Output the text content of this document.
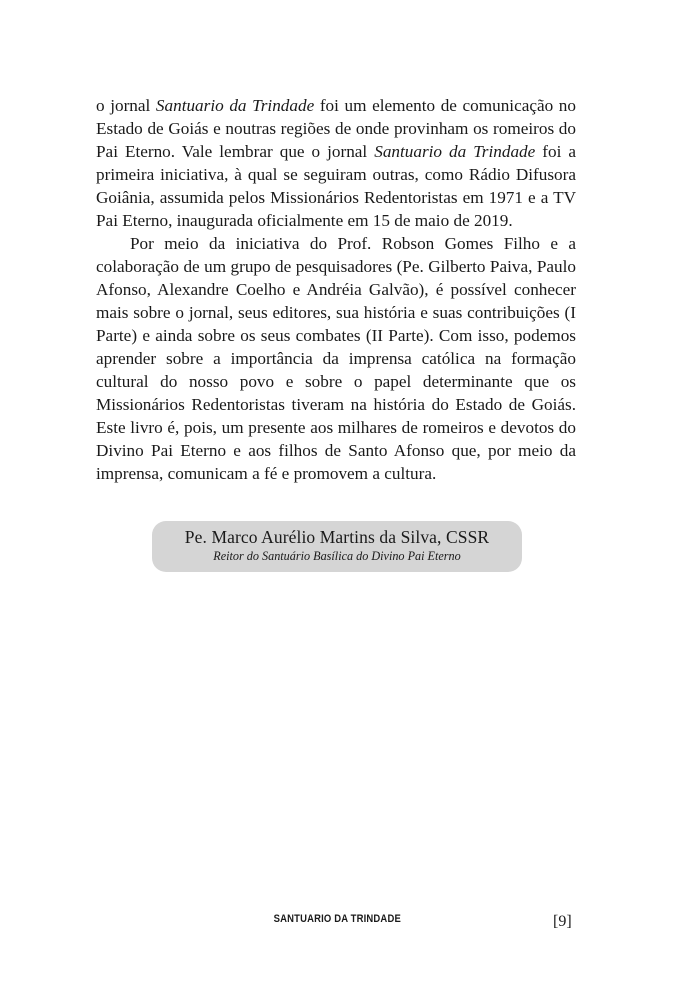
o jornal Santuario da Trindade foi um elemento de comunicação no Estado de Goiás e noutras regiões de onde provinham os romeiros do Pai Eterno. Vale lembrar que o jornal Santuario da Trindade foi a primeira iniciativa, à qual se seguiram outras, como Rádio Difusora Goiânia, assumida pelos Missionários Redentoristas em 1971 e a TV Pai Eterno, inaugurada oficialmente em 15 de maio de 2019.

Por meio da iniciativa do Prof. Robson Gomes Filho e a colaboração de um grupo de pesquisadores (Pe. Gilberto Paiva, Paulo Afonso, Alexandre Coelho e Andréia Galvão), é possível conhecer mais sobre o jornal, seus editores, sua história e suas contribuições (I Parte) e ainda sobre os seus combates (II Parte). Com isso, podemos aprender sobre a importância da imprensa católica na formação cultural do nosso povo e sobre o papel determinante que os Missionários Redentoristas tiveram na história do Estado de Goiás. Este livro é, pois, um presente aos milhares de romeiros e devotos do Divino Pai Eterno e aos filhos de Santo Afonso que, por meio da imprensa, comunicam a fé e promovem a cultura.

Pe. Marco Aurélio Martins da Silva, CSSR
Reitor do Santuário Basílica do Divino Pai Eterno
SANTUARIO DA TRINDADE	[9]
